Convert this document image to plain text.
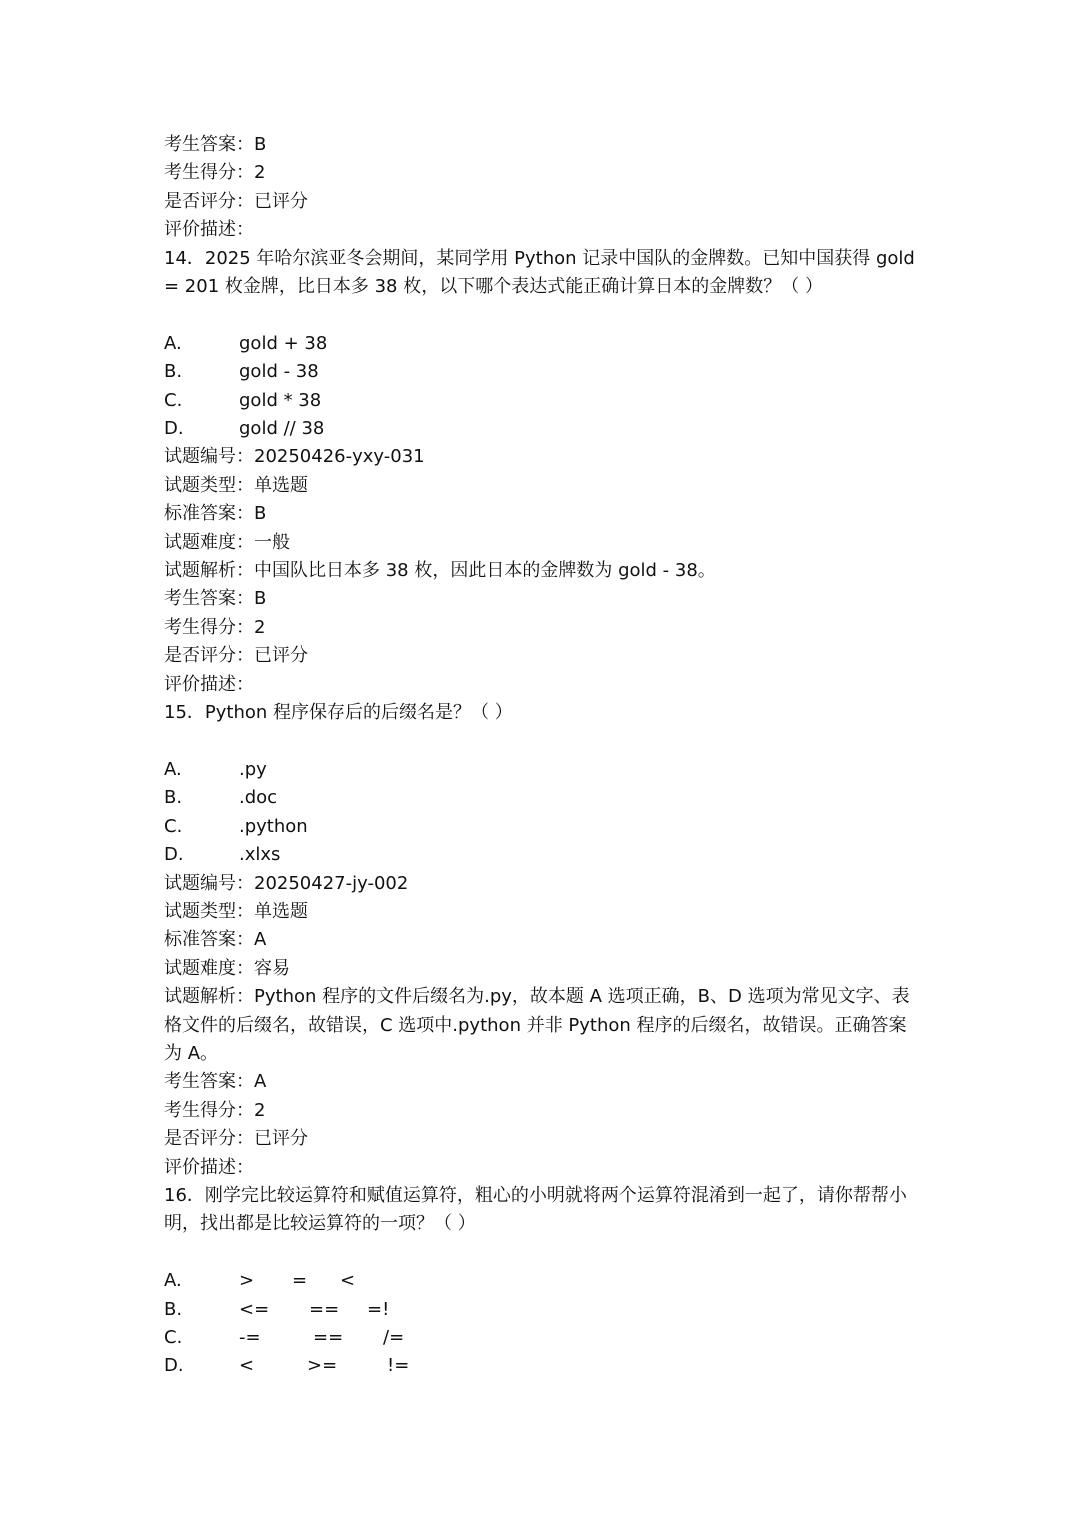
考生答案：B
考生得分：2
是否评分：已评分
评价描述：
14．2025 年哈尔滨亚冬会期间，某同学用 Python 记录中国队的金牌数。已知中国获得 gold = 201 枚金牌，比日本多 38 枚，以下哪个表达式能正确计算日本的金牌数？（ ）
A.	gold + 38
B.	gold - 38
C.	gold * 38
D.	gold // 38
试题编号：20250426-yxy-031
试题类型：单选题
标准答案：B
试题难度：一般
试题解析：中国队比日本多 38 枚，因此日本的金牌数为 gold - 38。
考生答案：B
考生得分：2
是否评分：已评分
评价描述：
15．Python 程序保存后的后缀名是？（ ）
A.	.py
B.	.doc
C.	.python
D.	.xlxs
试题编号：20250427-jy-002
试题类型：单选题
标准答案：A
试题难度：容易
试题解析：Python 程序的文件后缀名为.py，故本题 A 选项正确，B、D 选项为常见文字、表格文件的后缀名，故错误，C 选项中.python 并非 Python 程序的后缀名，故错误。正确答案为 A。
考生答案：A
考生得分：2
是否评分：已评分
评价描述：
16．刚学完比较运算符和赋值运算符，粗心的小明就将两个运算符混淆到一起了，请你帮帮小明，找出都是比较运算符的一项？（ ）
A.	>	=	<
B.	<=	==	=!
C.	-=	==	/=
D.	<	>=	!=
